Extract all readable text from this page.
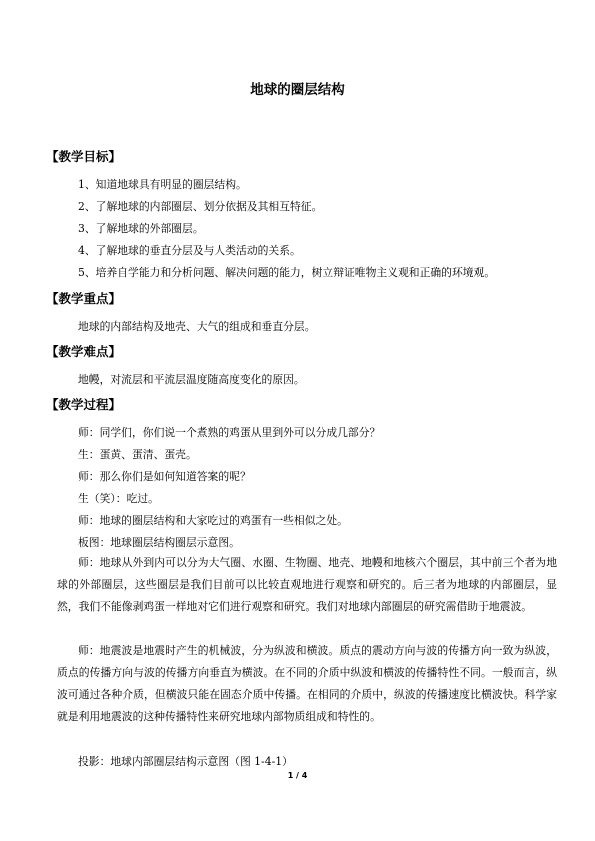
地球的圈层结构
【教学目标】
1、知道地球具有明显的圈层结构。
2、了解地球的内部圈层、划分依据及其相互特征。
3、了解地球的外部圈层。
4、了解地球的垂直分层及与人类活动的关系。
5、培养自学能力和分析问题、解决问题的能力，树立辩证唯物主义观和正确的环境观。
【教学重点】
地球的内部结构及地壳、大气的组成和垂直分层。
【教学难点】
地幔，对流层和平流层温度随高度变化的原因。
【教学过程】
师：同学们，你们说一个煮熟的鸡蛋从里到外可以分成几部分？
生：蛋黄、蛋清、蛋壳。
师：那么你们是如何知道答案的呢？
生（笑）：吃过。
师：地球的圈层结构和大家吃过的鸡蛋有一些相似之处。
板图：地球圈层结构圈层示意图。

师：地球从外到内可以分为大气圈、水圈、生物圈、地壳、地幔和地核六个圈层，其中前三个者为地球的外部圈层，这些圈层是我们目前可以比较直观地进行观察和研究的。后三者为地球的内部圈层，显然，我们不能像剥鸡蛋一样地对它们进行观察和研究。我们对地球内部圈层的研究需借助于地震波。

师：地震波是地震时产生的机械波，分为纵波和横波。质点的震动方向与波的传播方向一致为纵波，质点的传播方向与波的传播方向垂直为横波。在不同的介质中纵波和横波的传播特性不同。一般而言，纵波可通过各种介质，但横波只能在固态介质中传播。在相同的介质中，纵波的传播速度比横波快。科学家就是利用地震波的这种传播特性来研究地球内部物质组成和特性的。

投影：地球内部圈层结构示意图（图 1-4-1）
1 / 4
